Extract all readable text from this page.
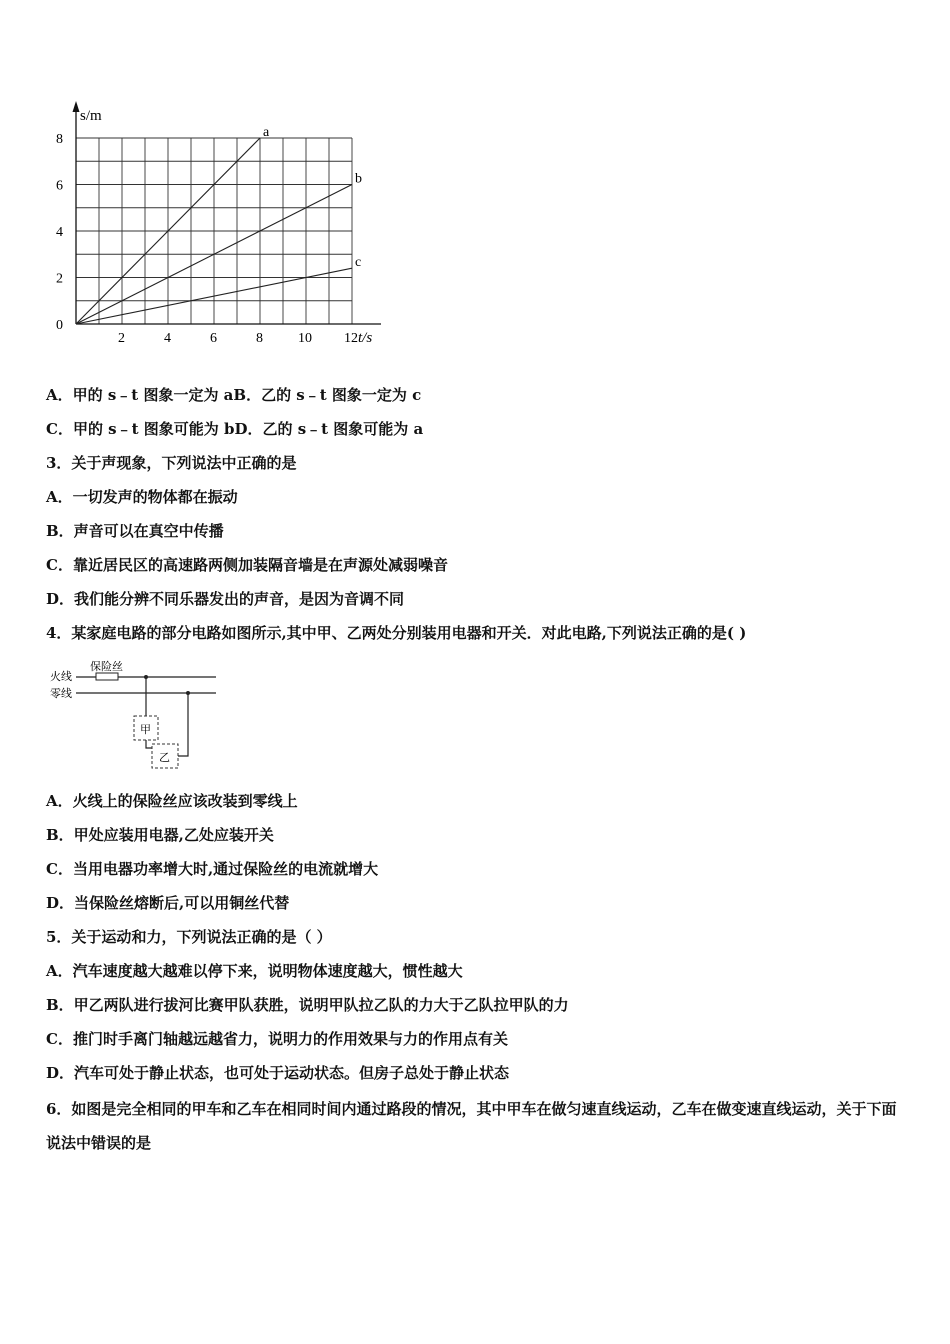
a
b
c
2	4	6	8	10 12
0
2
4
6
8
s/m
t/s
火线
零线
保险丝
甲
乙
A．甲的 s﹣t 图象一定为 aB．乙的 s﹣t 图象一定为 c
C．甲的 s﹣t 图象可能为 bD．乙的 s﹣t 图象可能为 a
3．关于声现象，下列说法中正确的是
A．一切发声的物体都在振动
B．声音可以在真空中传播
C．靠近居民区的高速路两侧加装隔音墙是在声源处减弱噪音
D．我们能分辨不同乐器发出的声音，是因为音调不同
4．某家庭电路的部分电路如图所示,其中甲、乙两处分别装用电器和开关．对此电路,下列说法正确的是( )
A．火线上的保险丝应该改装到零线上
B．甲处应装用电器,乙处应装开关
C．当用电器功率增大时,通过保险丝的电流就增大
D．当保险丝熔断后,可以用铜丝代替
5．关于运动和力，下列说法正确的是（ ）
A．汽车速度越大越难以停下来，说明物体速度越大，惯性越大
B．甲乙两队进行拔河比赛甲队获胜，说明甲队拉乙队的力大于乙队拉甲队的力
C．推门时手离门轴越远越省力，说明力的作用效果与力的作用点有关
D．汽车可处于静止状态，也可处于运动状态。但房子总处于静止状态
6．如图是完全相同的甲车和乙车在相同时间内通过路段的情况，其中甲车在做匀速直线运动，乙车在做变速直线运动，关于下面说法中错误的是
